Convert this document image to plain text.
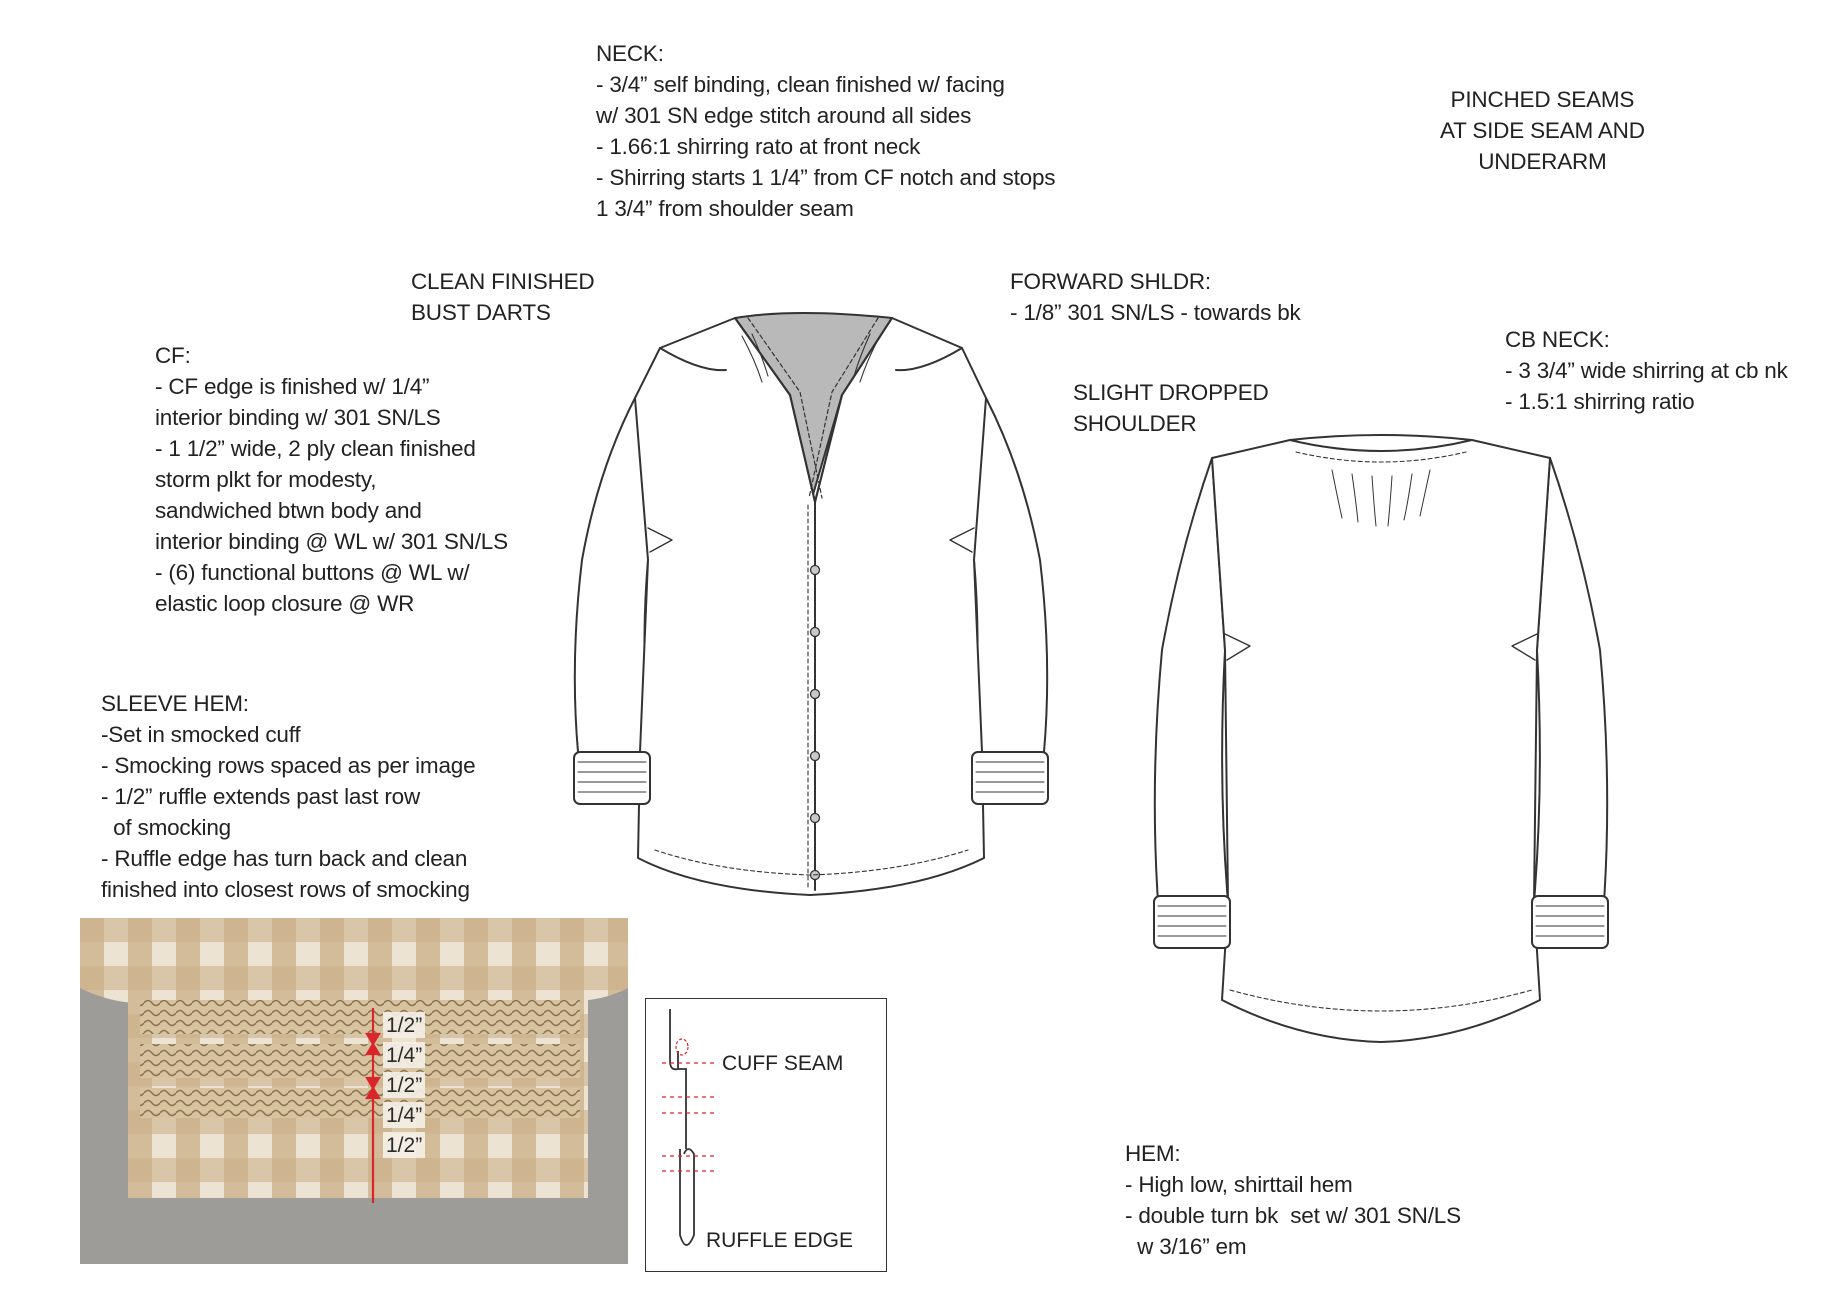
NECK:
- 3/4” self binding, clean finished w/ facing
w/ 301 SN edge stitch around all sides
- 1.66:1 shirring rato at front neck
- Shirring starts 1 1/4” from CF notch and stops
1 3/4” from shoulder seam
PINCHED SEAMS
AT SIDE SEAM AND
UNDERARM
CLEAN FINISHED
BUST DARTS
FORWARD SHLDR:
- 1/8” 301 SN/LS - towards bk
CB NECK:
- 3 3/4” wide shirring at cb nk
- 1.5:1 shirring ratio
SLIGHT DROPPED
SHOULDER
CF:
- CF edge is finished w/ 1/4”
interior binding w/ 301 SN/LS
- 1 1/2” wide, 2 ply clean finished
storm plkt for modesty,
sandwiched btwn body and
interior binding @ WL w/ 301 SN/LS
- (6) functional buttons @ WL w/
elastic loop closure @ WR
SLEEVE HEM:
-Set in smocked cuff
- Smocking rows spaced as per image
- 1/2” ruffle extends past last row
of smocking
- Ruffle edge has turn back and clean
finished into closest rows of smocking
HEM:
- High low, shirttail hem
- double turn bk  set w/ 301 SN/LS
w 3/16” em
1/2”
1/4”
1/2”
1/4”
1/2”
CUFF SEAM
RUFFLE EDGE
